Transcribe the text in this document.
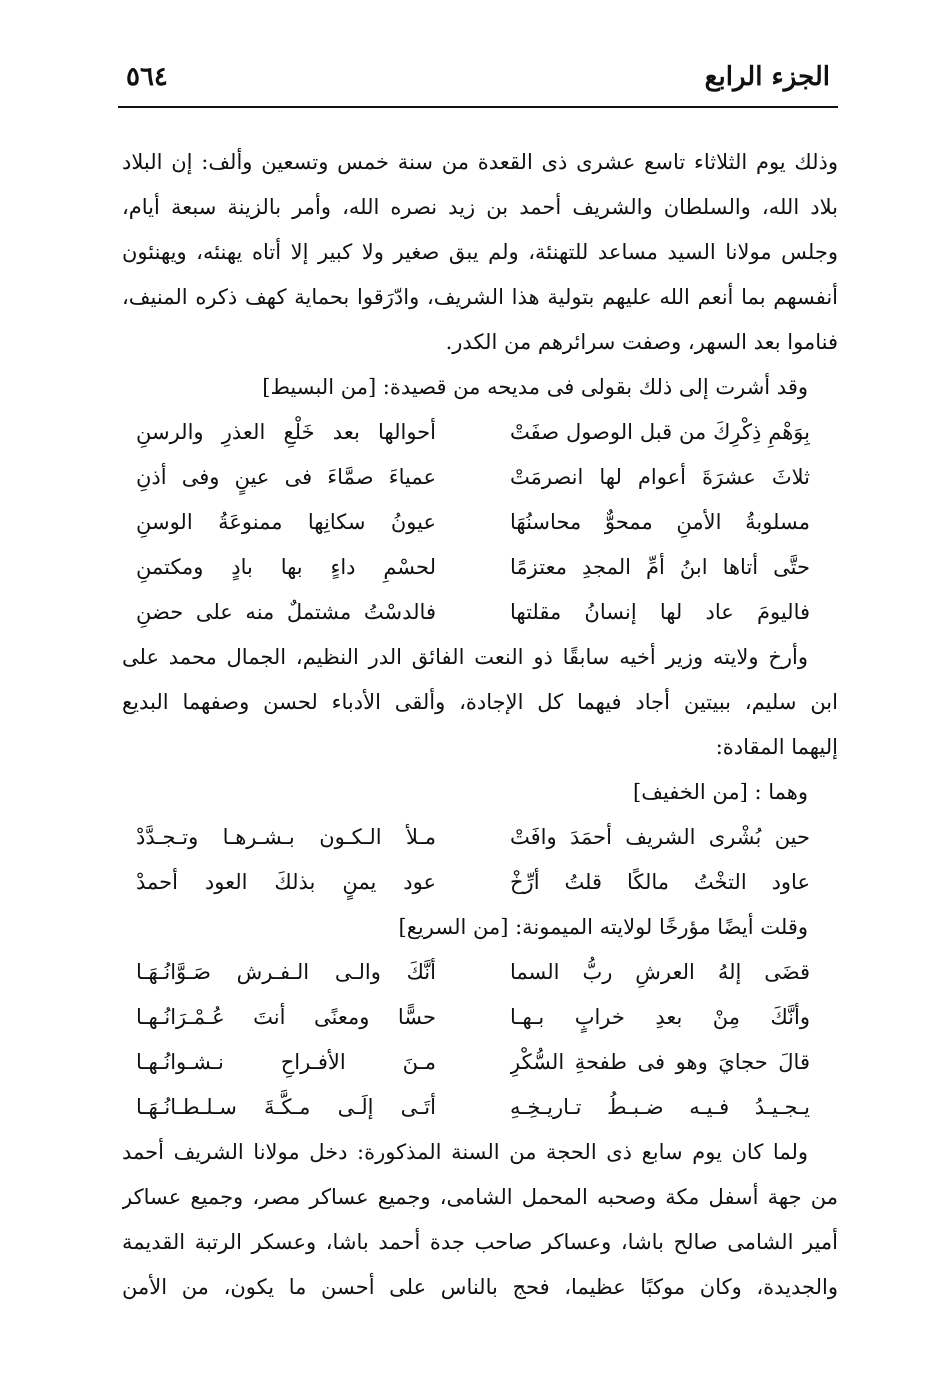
الجزء الرابع
٥٦٤
وذلك يوم الثلاثاء تاسع عشرى ذى القعدة من سنة خمس وتسعين وألف: إن البلاد
بلاد الله، والسلطان والشريف أحمد بن زيد نصره الله، وأمر بالزينة سبعة أيام،
وجلس مولانا السيد مساعد للتهنئة، ولم يبق صغير ولا كبير إلا أتاه يهنئه، ويهنئون
أنفسهم بما أنعم الله عليهم بتولية هذا الشريف، وادّرَقوا بحماية كهف ذكره المنيف،
فناموا بعد السهر، وصفت سرائرهم من الكدر.
وقد أشرت إلى ذلك بقولى فى مديحه من قصيدة: [من البسيط]
بِوَهْمِ ذِكْرِكَ من قبل الوصول صفَتْ
أحوالها بعد خَلْعِ العذرِ والرسنِ
ثلاثَ عشرَةَ أعوام لها انصرمَتْ
عمياءَ صمَّاءَ فى عينٍ وفى أذنِ
مسلوبةُ الأمنِ ممحوٌّ محاسنُهَا
عيونُ سكانِها ممنوعَةُ الوسنِ
حتَّى أتاها ابنُ أمِّ المجدِ معتزمًا
لحسْمِ داءٍ بها بادٍ ومكتمنِ
فاليومَ عاد لها إنسانُ مقلتها
فالدسْتُ مشتملٌ منه على حضنِ
وأرخ ولايته وزير أخيه سابقًا ذو النعت الفائق الدر النظيم، الجمال محمد على
ابن سليم، ببيتين أجاد فيهما كل الإجادة، وألقى الأدباء لحسن وصفهما البديع
إليهما المقادة:
وهما : [من الخفيف]
حين بُشْرى الشريف أحمَدَ وافَتْ
مـلأ الـكـون بـشـرهـا وتـجـدَّدْ
عاود التخْتُ مالكًا قلتُ أرِّخْ
عود يمنٍ بذلكَ العود أحمدْ
وقلت أيضًا مؤرخًا لولايته الميمونة: [من السريع]
قضَى إلهُ العرشِ ربُّ السما
أنَّكَ والـى الـفـرش صَـوَّانُـهَـا
وأنَّكَ مِنْ بعدِ خرابٍ بـهـا
حسًّا ومعنًى أنتَ عُـمْـرَانُـهـا
قالَ حجايَ وهو فى طفحةِ السُّكْرِ
مـنَ الأفـراحِ نـشـوانُـهـا
يـجـيـدُ فـيـه ضـبـطُ تـاريـخِـهِ
أتَـى إلَـى مـكَّـةَ سـلـطـانُـهَـا
ولما كان يوم سابع ذى الحجة من السنة المذكورة: دخل مولانا الشريف أحمد
من جهة أسفل مكة وصحبه المحمل الشامى، وجميع عساكر مصر، وجميع عساكر
أمير الشامى صالح باشا، وعساكر صاحب جدة أحمد باشا، وعسكر الرتبة القديمة
والجديدة، وكان موكبًا عظيما، فحج بالناس على أحسن ما يكون، من الأمن
